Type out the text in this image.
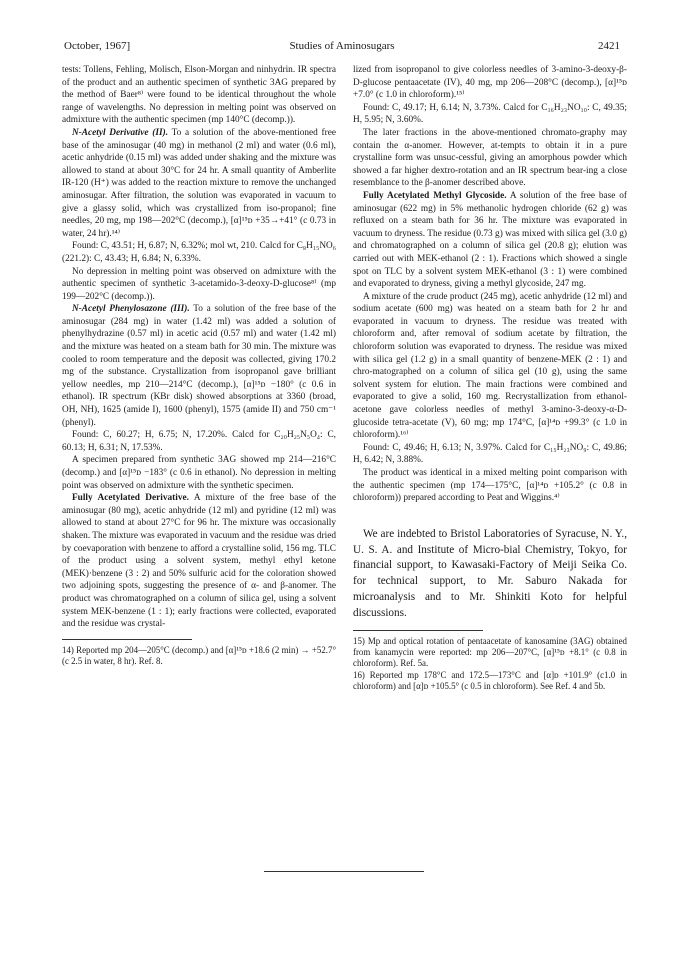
October, 1967]	Studies of Aminosugars	2421

tests: Tollens, Fehling, Molisch, Elson-Morgan and ninhydrin. IR spectra of the product and an authentic specimen of synthetic 3AG prepared by the method of Baer⁸⁾ were found to be identical throughout the whole range of wavelengths. No depression in melting point was observed on admixture with the authentic specimen (mp 140°C (decomp.)).

N-Acetyl Derivative (II). To a solution of the above-mentioned free base of the aminosugar (40 mg) in methanol (2 ml) and water (0.6 ml), acetic anhydride (0.15 ml) was added under shaking and the mixture was allowed to stand at about 30°C for 24 hr. A small quantity of Amberlite IR-120 (H⁺) was added to the reaction mixture to remove the unchanged aminosugar. After filtration, the solution was evaporated in vacuum to give a glassy solid, which was crystallized from iso-propanol; fine needles, 20 mg, mp 198—202°C (decomp.), [α]¹⁵ᴅ +35→+41° (c 0.73 in water, 24 hr).¹⁴⁾

Found: C, 43.51; H, 6.87; N, 6.32%; mol wt, 210. Calcd for C₈H₁₅NO₆ (221.2): C, 43.43; H, 6.84; N, 6.33%.

No depression in melting point was observed on admixture with the authentic specimen of synthetic 3-acetamido-3-deoxy-D-glucose⁸⁾ (mp 199—202°C (decomp.)).

N-Acetyl Phenylosazone (III). To a solution of the free base of the aminosugar (284 mg) in water (1.42 ml) was added a solution of phenylhydrazine (0.57 ml) in acetic acid (0.57 ml) and water (1.42 ml) and the mixture was heated on a steam bath for 30 min. The mixture was cooled to room temperature and the deposit was collected, giving 170.2 mg of the substance. Crystallization from isopropanol gave brilliant yellow needles, mp 210—214°C (decomp.), [α]¹⁵ᴅ −180° (c 0.6 in ethanol). IR spectrum (KBr disk) showed absorptions at 3360 (broad, OH, NH), 1625 (amide I), 1600 (phenyl), 1575 (amide II) and 750 cm⁻¹ (phenyl).

Found: C, 60.27; H, 6.75; N, 17.20%. Calcd for C₂₀H₂₅N₅O₄: C, 60.13; H, 6.31; N, 17.53%.

A specimen prepared from synthetic 3AG showed mp 214—216°C (decomp.) and [α]¹⁵ᴅ −183° (c 0.6 in ethanol). No depression in melting point was observed on admixture with the synthetic specimen.

Fully Acetylated Derivative. A mixture of the free base of the aminosugar (80 mg), acetic anhydride (12 ml) and pyridine (12 ml) was allowed to stand at about 27°C for 96 hr. The mixture was occasionally shaken. The mixture was evaporated in vacuum and the residue was dried by coevaporation with benzene to afford a crystalline solid, 156 mg. TLC of the product using a solvent system, methyl ethyl ketone (MEK)·benzene (3 : 2) and 50% sulfuric acid for the coloration showed two adjoining spots, suggesting the presence of α- and β-anomer. The product was chromatographed on a column of silica gel, using a solvent system MEK-benzene (1 : 1); early fractions were collected, evaporated and the residue was crystal-

14) Reported mp 204—205°C (decomp.) and [α]¹⁵ᴅ +18.6 (2 min) → +52.7° (c 2.5 in water, 8 hr). Ref. 8.

lized from isopropanol to give colorless needles of 3-amino-3-deoxy-β-D-glucose pentaacetate (IV), 40 mg, mp 206—208°C (decomp.), [α]¹⁵ᴅ +7.0° (c 1.0 in chloroform).¹⁵⁾

Found: C, 49.17; H, 6.14; N, 3.73%. Calcd for C₁₆H₂₃NO₁₀: C, 49.35; H, 5.95; N, 3.60%.

The later fractions in the above-mentioned chromato-graphy may contain the α-anomer. However, at-tempts to obtain it in a pure crystalline form was unsuc-cessful, giving an amorphous powder which showed a far higher dextro-rotation and an IR spectrum bear-ing a close resemblance to the β-anomer described above.

Fully Acetylated Methyl Glycoside. A solution of the free base of aminosugar (622 mg) in 5% methanolic hydrogen chloride (62 g) was refluxed on a steam bath for 36 hr. The mixture was evaporated in vacuum to dryness. The residue (0.73 g) was mixed with silica gel (3.0 g) and chromatographed on a column of silica gel (20.8 g); elution was carried out with MEK-ethanol (2 : 1). Fractions which showed a single spot on TLC by a solvent system MEK-ethanol (3 : 1) were combined and evaporated to dryness, giving a methyl glycoside, 247 mg.

A mixture of the crude product (245 mg), acetic anhydride (12 ml) and sodium acetate (600 mg) was heated on a steam bath for 2 hr and evaporated in vacuum to dryness. The residue was treated with chloroform and, after removal of sodium acetate by filtration, the chloroform solution was evaporated to dryness. The residue was mixed with silica gel (1.2 g) in a small quantity of benzene-MEK (2 : 1) and chro-matographed on a column of silica gel (10 g), using the same solvent system for elution. The main fractions were combined and evaporated to give a solid, 160 mg. Recrystallization from ethanol-acetone gave colorless needles of methyl 3-amino-3-deoxy-α-D-glucoside tetra-acetate (V), 60 mg; mp 174°C, [α]¹⁴ᴅ +99.3° (c 1.0 in chloroform).¹⁶⁾

Found: C, 49.46; H, 6.13; N, 3.97%. Calcd for C₁₅H₂₃NO₉: C, 49.86; H, 6.42; N, 3.88%.

The product was identical in a mixed melting point comparison with the authentic specimen (mp 174—175°C, [α]¹⁴ᴅ +105.2° (c 0.8 in chloroform)) prepared according to Peat and Wiggins.⁴⁾

We are indebted to Bristol Laboratories of Syracuse, N. Y., U. S. A. and Institute of Micro-bial Chemistry, Tokyo, for financial support, to Kawasaki-Factory of Meiji Seika Co. for technical support, to Mr. Saburo Nakada for microanalysis and to Mr. Shinkiti Koto for helpful discussions.

15) Mp and optical rotation of pentaacetate of kanosamine (3AG) obtained from kanamycin were reported: mp 206—207°C, [α]¹⁵ᴅ +8.1° (c 0.8 in chloroform). Ref. 5a.

16) Reported mp 178°C and 172.5—173°C and [α]ᴅ +101.9° (c1.0 in chloroform) and [α]ᴅ +105.5° (c 0.5 in chloroform). See Ref. 4 and 5b.
